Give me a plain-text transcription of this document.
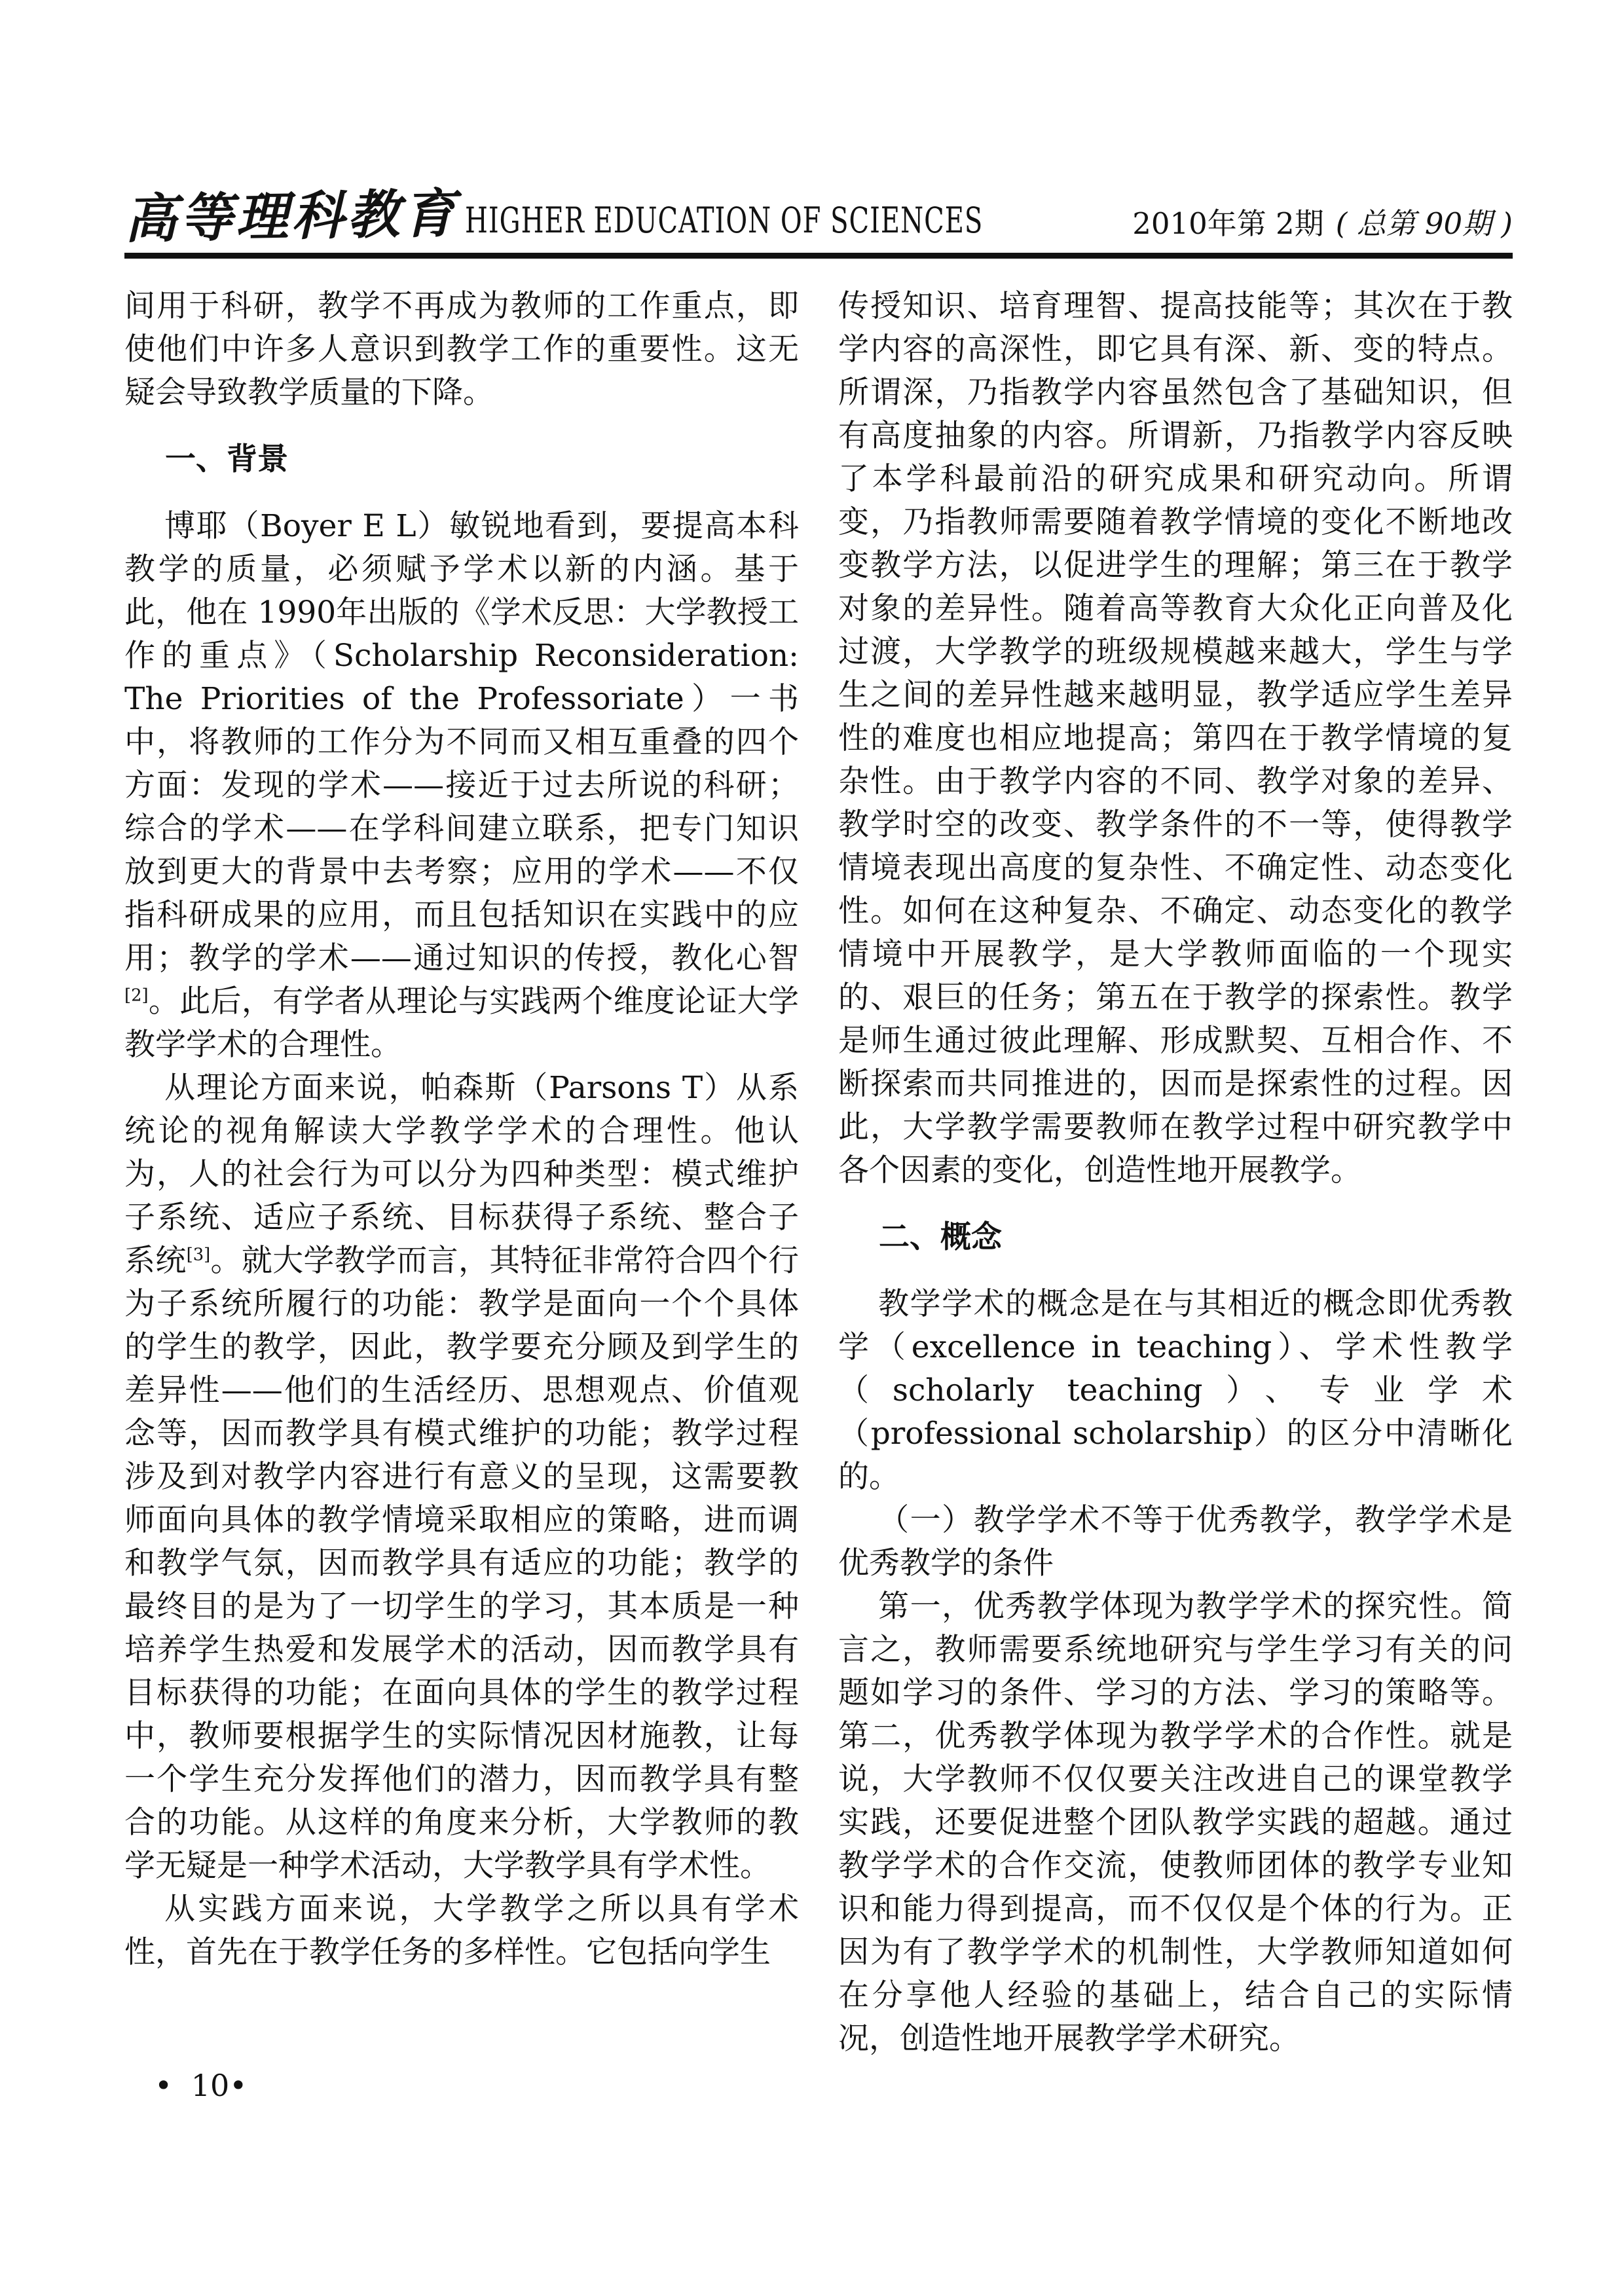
高等理科教育 HIGHER EDUCATION OF SCIENCES	2010年第 2期 ( 总第 90期 )

间用于科研，教学不再成为教师的工作重点，即使他们中许多人意识到教学工作的重要性。这无疑会导致教学质量的下降。

一、背景

博耶（Boyer E L）敏锐地看到，要提高本科教学的质量，必须赋予学术以新的内涵。基于此，他在 1990年出版的《学术反思：大学教授工作的重点》（Scholarship Reconsideration: The Priorities of the Professoriate）一书中，将教师的工作分为不同而又相互重叠的四个方面：发现的学术——接近于过去所说的科研；综合的学术——在学科间建立联系，把专门知识放到更大的背景中去考察；应用的学术——不仅指科研成果的应用，而且包括知识在实践中的应用；教学的学术——通过知识的传授，教化心智[2]。此后，有学者从理论与实践两个维度论证大学教学学术的合理性。

从理论方面来说，帕森斯（Parsons T）从系统论的视角解读大学教学学术的合理性。他认为，人的社会行为可以分为四种类型：模式维护子系统、适应子系统、目标获得子系统、整合子系统[3]。就大学教学而言，其特征非常符合四个行为子系统所履行的功能：教学是面向一个个具体的学生的教学，因此，教学要充分顾及到学生的差异性——他们的生活经历、思想观点、价值观念等，因而教学具有模式维护的功能；教学过程涉及到对教学内容进行有意义的呈现，这需要教师面向具体的教学情境采取相应的策略，进而调和教学气氛，因而教学具有适应的功能；教学的最终目的是为了一切学生的学习，其本质是一种培养学生热爱和发展学术的活动，因而教学具有目标获得的功能；在面向具体的学生的教学过程中，教师要根据学生的实际情况因材施教，让每一个学生充分发挥他们的潜力，因而教学具有整合的功能。从这样的角度来分析，大学教师的教学无疑是一种学术活动，大学教学具有学术性。

从实践方面来说，大学教学之所以具有学术性，首先在于教学任务的多样性。它包括向学生

传授知识、培育理智、提高技能等；其次在于教学内容的高深性，即它具有深、新、变的特点。所谓深，乃指教学内容虽然包含了基础知识，但有高度抽象的内容。所谓新，乃指教学内容反映了本学科最前沿的研究成果和研究动向。所谓变，乃指教师需要随着教学情境的变化不断地改变教学方法，以促进学生的理解；第三在于教学对象的差异性。随着高等教育大众化正向普及化过渡，大学教学的班级规模越来越大，学生与学生之间的差异性越来越明显，教学适应学生差异性的难度也相应地提高；第四在于教学情境的复杂性。由于教学内容的不同、教学对象的差异、教学时空的改变、教学条件的不一等，使得教学情境表现出高度的复杂性、不确定性、动态变化性。如何在这种复杂、不确定、动态变化的教学情境中开展教学，是大学教师面临的一个现实的、艰巨的任务；第五在于教学的探索性。教学是师生通过彼此理解、形成默契、互相合作、不断探索而共同推进的，因而是探索性的过程。因此，大学教学需要教师在教学过程中研究教学中各个因素的变化，创造性地开展教学。

二、概念

教学学术的概念是在与其相近的概念即优秀教学（excellence in teaching）、学术性教学（scholarly teaching）、专业学术（professional scholarship）的区分中清晰化的。

（一）教学学术不等于优秀教学，教学学术是优秀教学的条件

第一，优秀教学体现为教学学术的探究性。简言之，教师需要系统地研究与学生学习有关的问题如学习的条件、学习的方法、学习的策略等。第二，优秀教学体现为教学学术的合作性。就是说，大学教师不仅仅要关注改进自己的课堂教学实践，还要促进整个团队教学实践的超越。通过教学学术的合作交流，使教师团体的教学专业知识和能力得到提高，而不仅仅是个体的行为。正因为有了教学学术的机制性，大学教师知道如何在分享他人经验的基础上，结合自己的实际情况，创造性地开展教学学术研究。

• 10•
